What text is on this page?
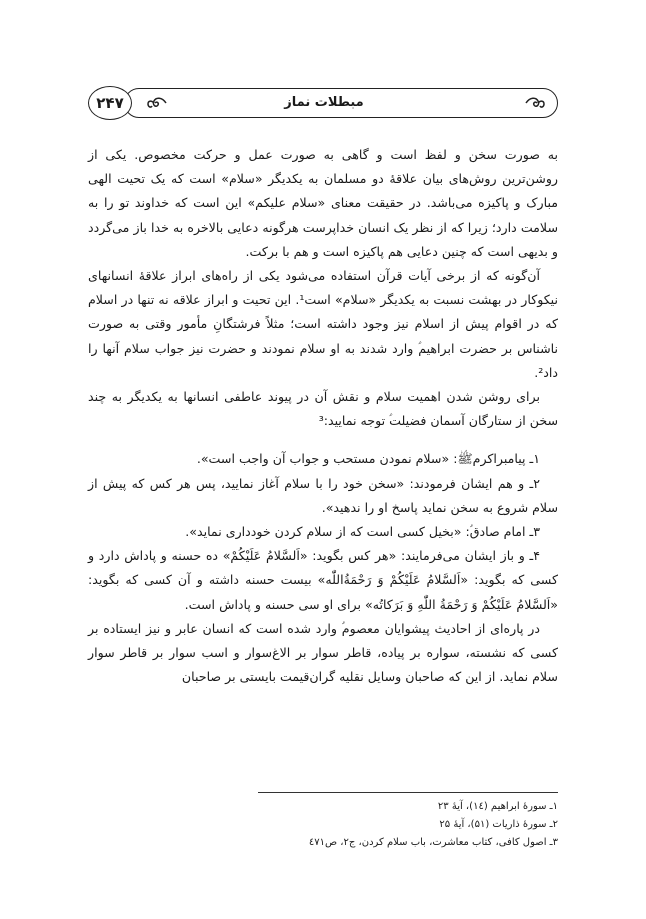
۲۴۷	مبطلات نماز

به صورت سخن و لفظ است و گاهی به صورت عمل و حرکت مخصوص. یکی از روشن‌ترین روش‌های بیان علاقهٔ دو مسلمان به یکدیگر «سلام» است که یک تحیت الهی مبارک و پاکیزه می‌باشد. در حقیقت معنای «سلام علیکم» این است که خداوند تو را به سلامت دارد؛ زیرا که از نظر یک انسان خداپرست هرگونه دعایی بالاخره به خدا باز می‌گردد و بدیهی است که چنین دعایی هم پاکیزه است و هم با برکت.

آن‌گونه که از برخی آیات قرآن استفاده می‌شود یکی از راه‌های ابراز علاقهٔ انسانهای نیکوکار در بهشت نسبت به یکدیگر «سلام» است¹. این تحیت و ابراز علاقه نه تنها در اسلام که در اقوام پیش از اسلام نیز وجود داشته است؛ مثلاً فرشتگانِ مأمور وقتی به صورت ناشناس بر حضرت ابراهیم‌ؑ وارد شدند به او سلام نمودند و حضرت نیز جواب سلام آنها را داد².

برای روشن شدن اهمیت سلام و نقش آن در پیوند عاطفی انسانها به یکدیگر به چند سخن از ستارگان آسمان فضیلت‌ؑ توجه نمایید:³

۱ـ پیامبراکرم‌ﷺ: «سلام نمودن مستحب و جواب آن واجب است».

۲ـ و هم ایشان فرمودند: «سخن خود را با سلام آغاز نمایید، پس هر کس که پیش از سلام شروع به سخن نماید پاسخ او را ندهید».

۳ـ امام صادق‌ؑ: «بخیل کسی است که از سلام کردن خودداری نماید».

۴ـ و باز ایشان می‌فرمایند: «هر کس بگوید: «اَلسَّلامُ عَلَیْکُمْ» ده حسنه و پاداش دارد و کسی که بگوید: «اَلسَّلامُ عَلَیْکُمْ وَ رَحْمَةُاللّٰه» بیست حسنه داشته و آن کسی که بگوید: «اَلسَّلامُ عَلَیْکُمْ وَ رَحْمَةُ اللّٰهِ وَ بَرَکاتُه» برای او سی حسنه و پاداش است.

در پاره‌ای از احادیث پیشوایان معصوم‌ؑ وارد شده است که انسان عابر و نیز ایستاده بر کسی که نشسته، سواره بر پیاده، قاطر سوار بر الاغ‌سوار و اسب سوار بر قاطر سوار سلام نماید. از این که صاحبان وسایل نقلیه گران‌قیمت بایستی بر صاحبان

۱ـ سورهٔ ابراهیم (۱٤)، آیهٔ ۲۳
۲ـ سورهٔ ذاریات (۵۱)، آیهٔ ۲۵
۳ـ اصول کافی، کتاب معاشرت، باب سلام کردن، ج۲، ص٤٧١
